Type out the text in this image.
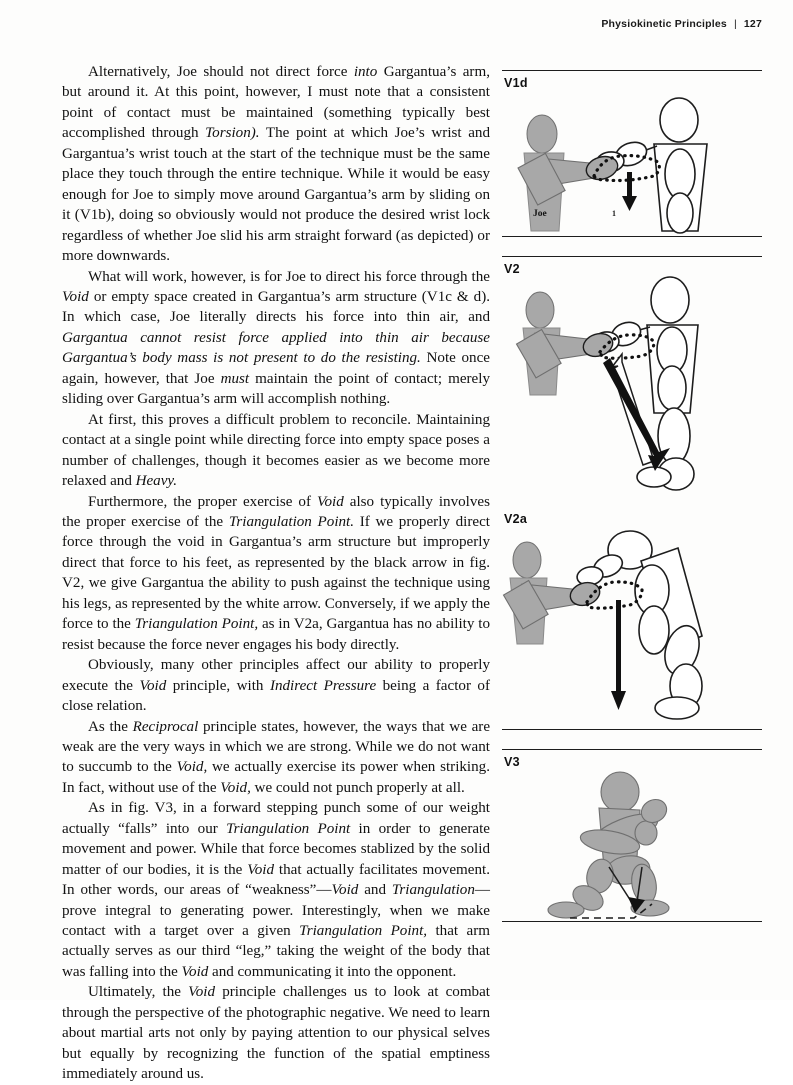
Physiokinetic Principles | 127

Alternatively, Joe should not direct force into Gargantua’s arm, but around it. At this point, however, I must note that a consistent point of contact must be maintained (something typically best accomplished through Torsion). The point at which Joe’s wrist and Gargantua’s wrist touch at the start of the technique must be the same place they touch through the entire technique. While it would be easy enough for Joe to simply move around Gargantua’s arm by sliding on it (V1b), doing so obviously would not produce the desired wrist lock regardless of whether Joe slid his arm straight forward (as depicted) or more downwards.

What will work, however, is for Joe to direct his force through the Void or empty space created in Gargantua’s arm structure (V1c & d). In which case, Joe literally directs his force into thin air, and Gargantua cannot resist force applied into thin air because Gargantua’s body mass is not present to do the resisting. Note once again, however, that Joe must maintain the point of contact; merely sliding over Gargantua’s arm will accomplish nothing.

At first, this proves a difficult problem to reconcile. Maintaining contact at a single point while directing force into empty space poses a number of challenges, though it becomes easier as we become more relaxed and Heavy.

Furthermore, the proper exercise of Void also typically involves the proper exercise of the Triangulation Point. If we properly direct force through the void in Gargantua’s arm structure but improperly direct that force to his feet, as represented by the black arrow in fig. V2, we give Gargantua the ability to push against the technique using his legs, as represented by the white arrow. Conversely, if we apply the force to the Triangulation Point, as in V2a, Gargantua has no ability to resist because the force never engages his body directly.

Obviously, many other principles affect our ability to properly execute the Void principle, with Indirect Pressure being a factor of close relation.

As the Reciprocal principle states, however, the ways that we are weak are the very ways in which we are strong. While we do not want to succumb to the Void, we actually exercise its power when striking. In fact, without use of the Void, we could not punch properly at all.

As in fig. V3, in a forward stepping punch some of our weight actually “falls” into our Triangulation Point in order to generate movement and power. While that force becomes stablized by the solid matter of our bodies, it is the Void that actually facilitates movement. In other words, our areas of “weakness”—Void and Triangulation—prove integral to generating power. Interestingly, when we make contact with a target over a given Triangulation Point, that arm actually serves as our third “leg,” taking the weight of the body that was falling into the Void and communicating it into the opponent.

Ultimately, the Void principle challenges us to look at combat through the perspective of the photographic negative. We need to learn about martial arts not only by paying attention to our physical selves but equally by recognizing the function of the spatial emptiness immediately around us.

V1d
Joe	1
V2
V2a
V3
